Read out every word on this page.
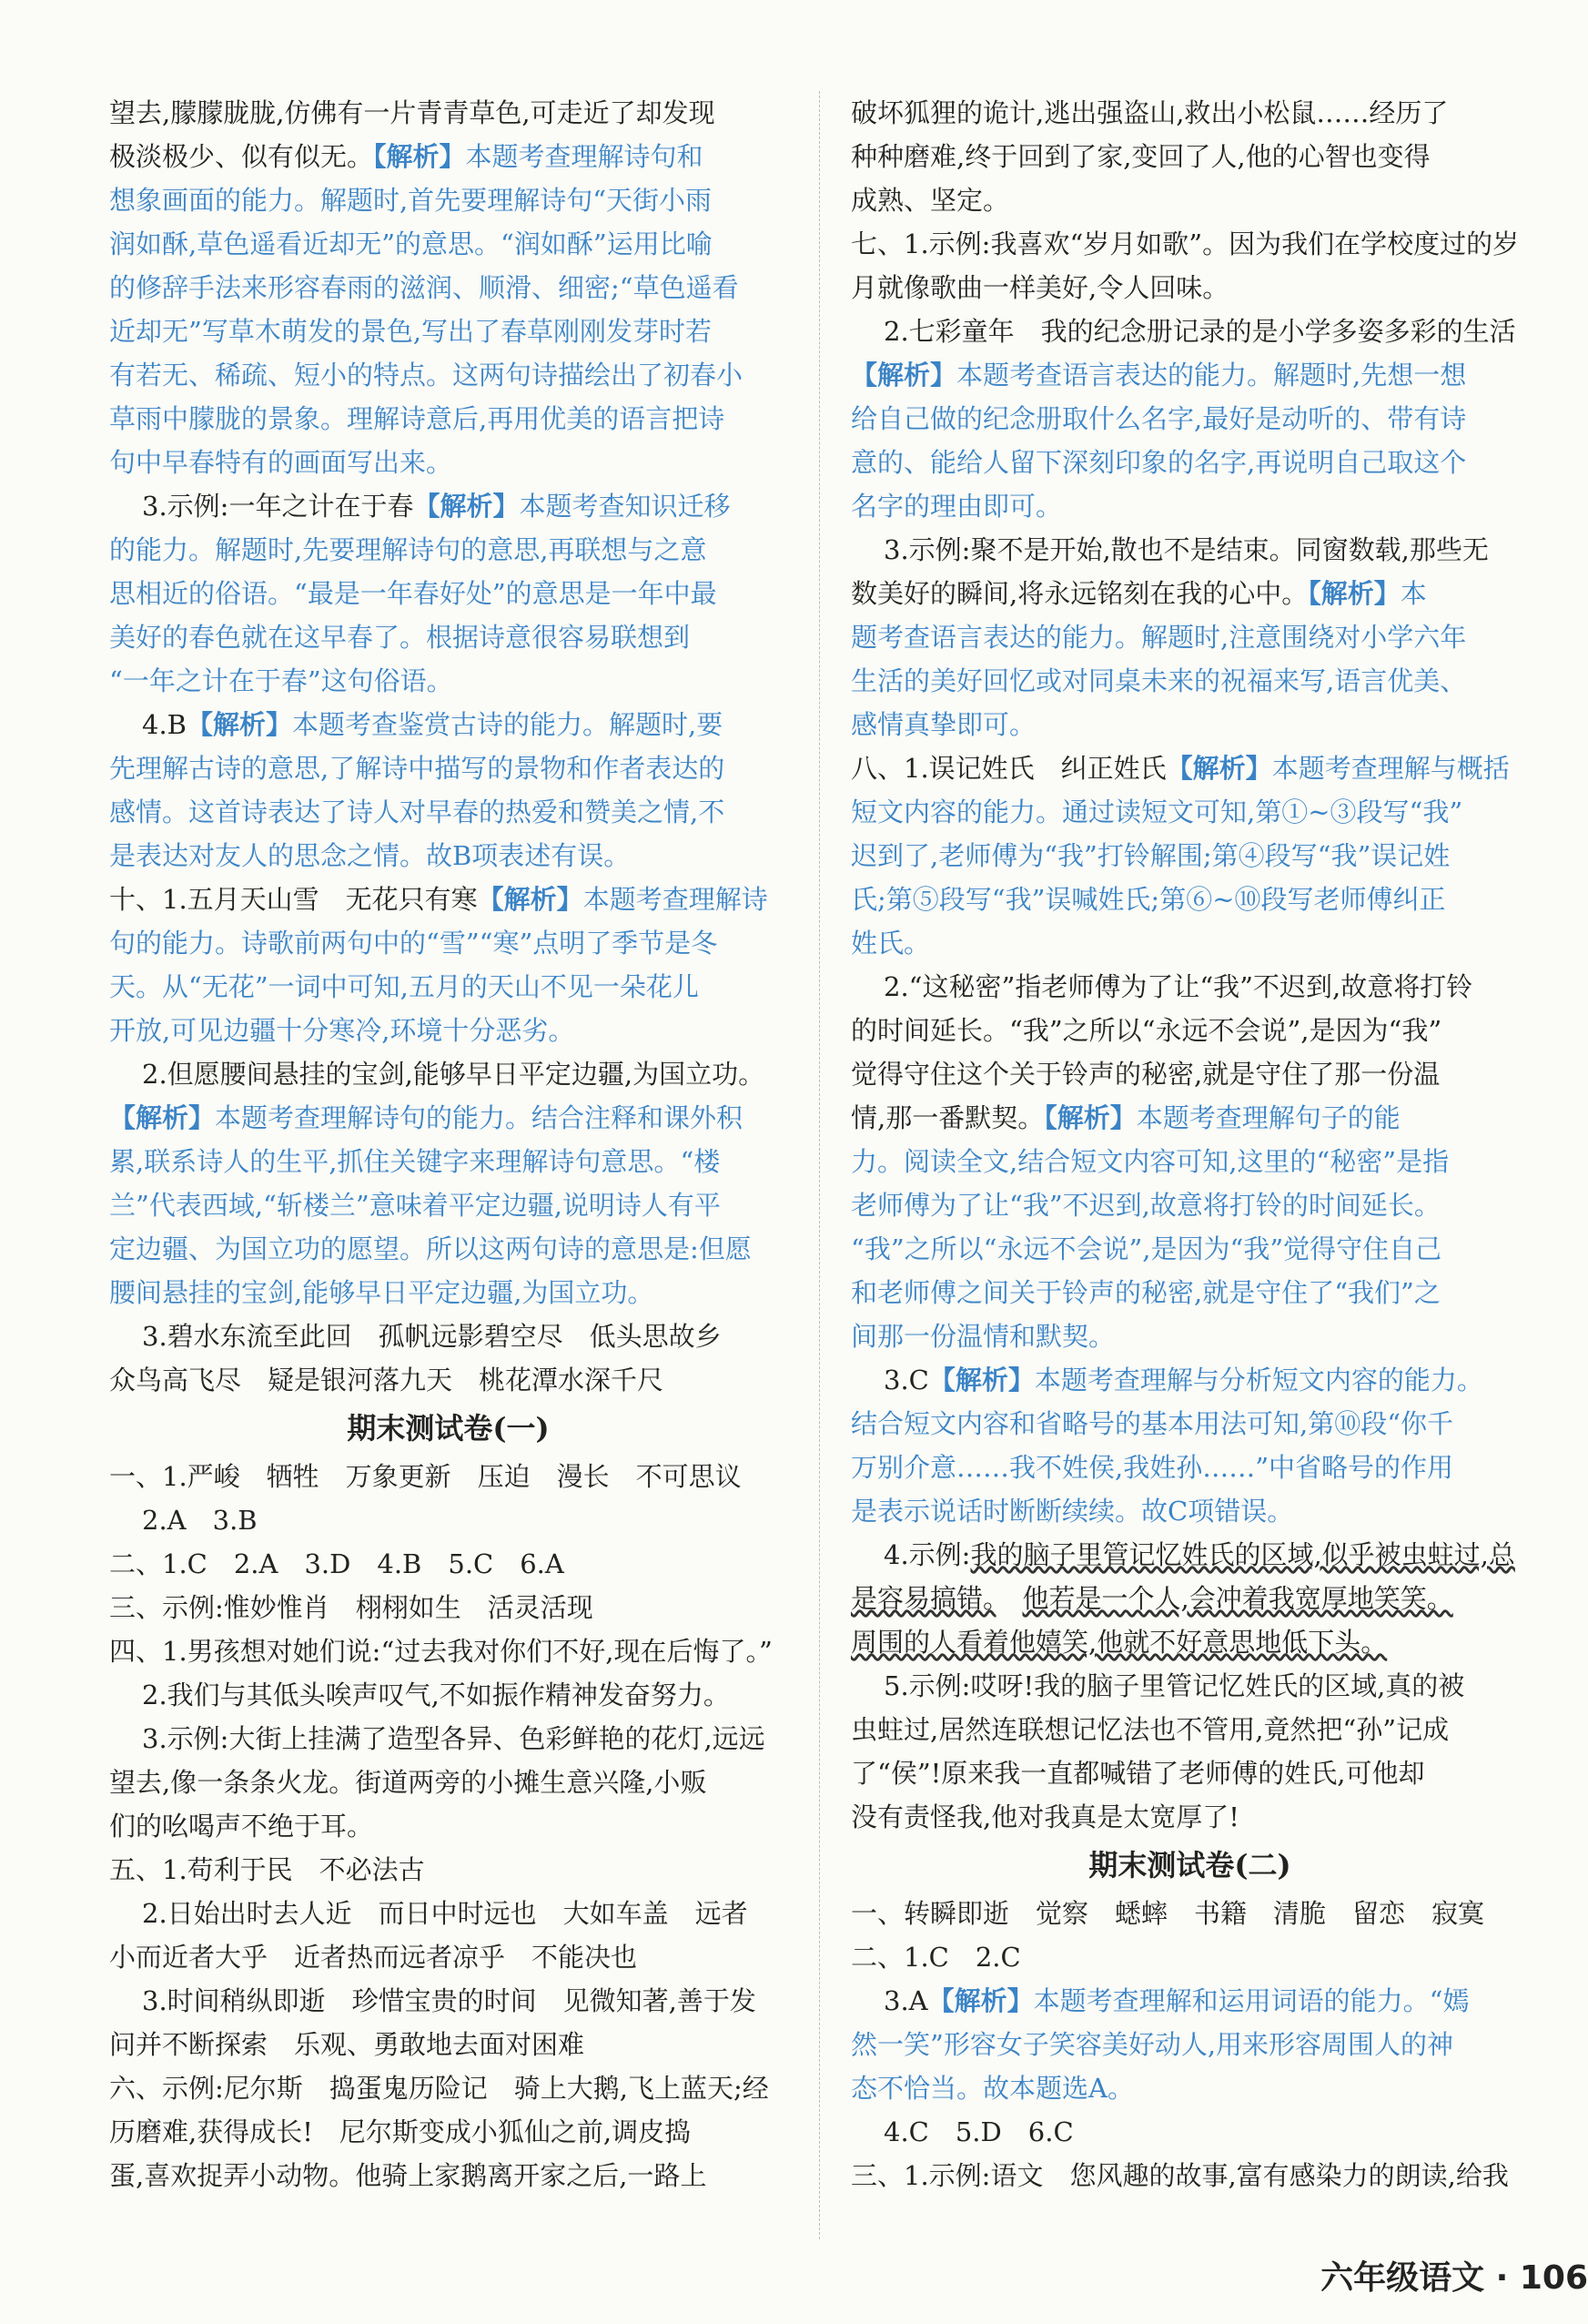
望去,朦朦胧胧,仿佛有一片青青草色,可走近了却发现
极淡极少、似有似无。【解析】本题考查理解诗句和
想象画面的能力。解题时,首先要理解诗句“天街小雨
润如酥,草色遥看近却无”的意思。“润如酥”运用比喻
的修辞手法来形容春雨的滋润、顺滑、细密;“草色遥看
近却无”写草木萌发的景色,写出了春草刚刚发芽时若
有若无、稀疏、短小的特点。这两句诗描绘出了初春小
草雨中朦胧的景象。理解诗意后,再用优美的语言把诗
句中早春特有的画面写出来。
3.示例:一年之计在于春【解析】本题考查知识迁移
的能力。解题时,先要理解诗句的意思,再联想与之意
思相近的俗语。“最是一年春好处”的意思是一年中最
美好的春色就在这早春了。根据诗意很容易联想到
“一年之计在于春”这句俗语。
4.B【解析】本题考查鉴赏古诗的能力。解题时,要
先理解古诗的意思,了解诗中描写的景物和作者表达的
感情。这首诗表达了诗人对早春的热爱和赞美之情,不
是表达对友人的思念之情。故B项表述有误。
十、1.五月天山雪　无花只有寒【解析】本题考查理解诗
句的能力。诗歌前两句中的“雪”“寒”点明了季节是冬
天。从“无花”一词中可知,五月的天山不见一朵花儿
开放,可见边疆十分寒冷,环境十分恶劣。
2.但愿腰间悬挂的宝剑,能够早日平定边疆,为国立功。
【解析】本题考查理解诗句的能力。结合注释和课外积
累,联系诗人的生平,抓住关键字来理解诗句意思。“楼
兰”代表西域,“斩楼兰”意味着平定边疆,说明诗人有平
定边疆、为国立功的愿望。所以这两句诗的意思是:但愿
腰间悬挂的宝剑,能够早日平定边疆,为国立功。
3.碧水东流至此回　孤帆远影碧空尽　低头思故乡
众鸟高飞尽　疑是银河落九天　桃花潭水深千尺
期末测试卷(一)
一、1.严峻　牺牲　万象更新　压迫　漫长　不可思议
2.A　3.B
二、1.C　2.A　3.D　4.B　5.C　6.A
三、示例:惟妙惟肖　栩栩如生　活灵活现
四、1.男孩想对她们说:“过去我对你们不好,现在后悔了。”
2.我们与其低头唉声叹气,不如振作精神发奋努力。
3.示例:大街上挂满了造型各异、色彩鲜艳的花灯,远远
望去,像一条条火龙。街道两旁的小摊生意兴隆,小贩
们的吆喝声不绝于耳。
五、1.苟利于民　不必法古
2.日始出时去人近　而日中时远也　大如车盖　远者
小而近者大乎　近者热而远者凉乎　不能决也
3.时间稍纵即逝　珍惜宝贵的时间　见微知著,善于发
问并不断探索　乐观、勇敢地去面对困难
六、示例:尼尔斯　捣蛋鬼历险记　骑上大鹅,飞上蓝天;经
历磨难,获得成长!　尼尔斯变成小狐仙之前,调皮捣
蛋,喜欢捉弄小动物。他骑上家鹅离开家之后,一路上
破坏狐狸的诡计,逃出强盗山,救出小松鼠……经历了
种种磨难,终于回到了家,变回了人,他的心智也变得
成熟、坚定。
七、1.示例:我喜欢“岁月如歌”。因为我们在学校度过的岁
月就像歌曲一样美好,令人回味。
2.七彩童年　我的纪念册记录的是小学多姿多彩的生活
【解析】本题考查语言表达的能力。解题时,先想一想
给自己做的纪念册取什么名字,最好是动听的、带有诗
意的、能给人留下深刻印象的名字,再说明自己取这个
名字的理由即可。
3.示例:聚不是开始,散也不是结束。同窗数载,那些无
数美好的瞬间,将永远铭刻在我的心中。【解析】本
题考查语言表达的能力。解题时,注意围绕对小学六年
生活的美好回忆或对同桌未来的祝福来写,语言优美、
感情真挚即可。
八、1.误记姓氏　纠正姓氏【解析】本题考查理解与概括
短文内容的能力。通过读短文可知,第①~③段写“我”
迟到了,老师傅为“我”打铃解围;第④段写“我”误记姓
氏;第⑤段写“我”误喊姓氏;第⑥~⑩段写老师傅纠正
姓氏。
2.“这秘密”指老师傅为了让“我”不迟到,故意将打铃
的时间延长。“我”之所以“永远不会说”,是因为“我”
觉得守住这个关于铃声的秘密,就是守住了那一份温
情,那一番默契。【解析】本题考查理解句子的能
力。阅读全文,结合短文内容可知,这里的“秘密”是指
老师傅为了让“我”不迟到,故意将打铃的时间延长。
“我”之所以“永远不会说”,是因为“我”觉得守住自己
和老师傅之间关于铃声的秘密,就是守住了“我们”之
间那一份温情和默契。
3.C【解析】本题考查理解与分析短文内容的能力。
结合短文内容和省略号的基本用法可知,第⑩段“你千
万别介意……我不姓侯,我姓孙……”中省略号的作用
是表示说话时断断续续。故C项错误。
4.示例:我的脑子里管记忆姓氏的区域,似乎被虫蛀过,总
是容易搞错。　 他若是一个人,会冲着我宽厚地笑笑。
周围的人看着他嬉笑,他就不好意思地低下头。
5.示例:哎呀!我的脑子里管记忆姓氏的区域,真的被
虫蛀过,居然连联想记忆法也不管用,竟然把“孙”记成
了“侯”!原来我一直都喊错了老师傅的姓氏,可他却
没有责怪我,他对我真是太宽厚了!
期末测试卷(二)
一、转瞬即逝　觉察　蟋蟀　书籍　清脆　留恋　寂寞
二、1.C　2.C
3.A【解析】本题考查理解和运用词语的能力。“嫣
然一笑”形容女子笑容美好动人,用来形容周围人的神
态不恰当。故本题选A。
4.C　5.D　6.C
三、1.示例:语文　您风趣的故事,富有感染力的朗读,给我
六年级语文 · 106
